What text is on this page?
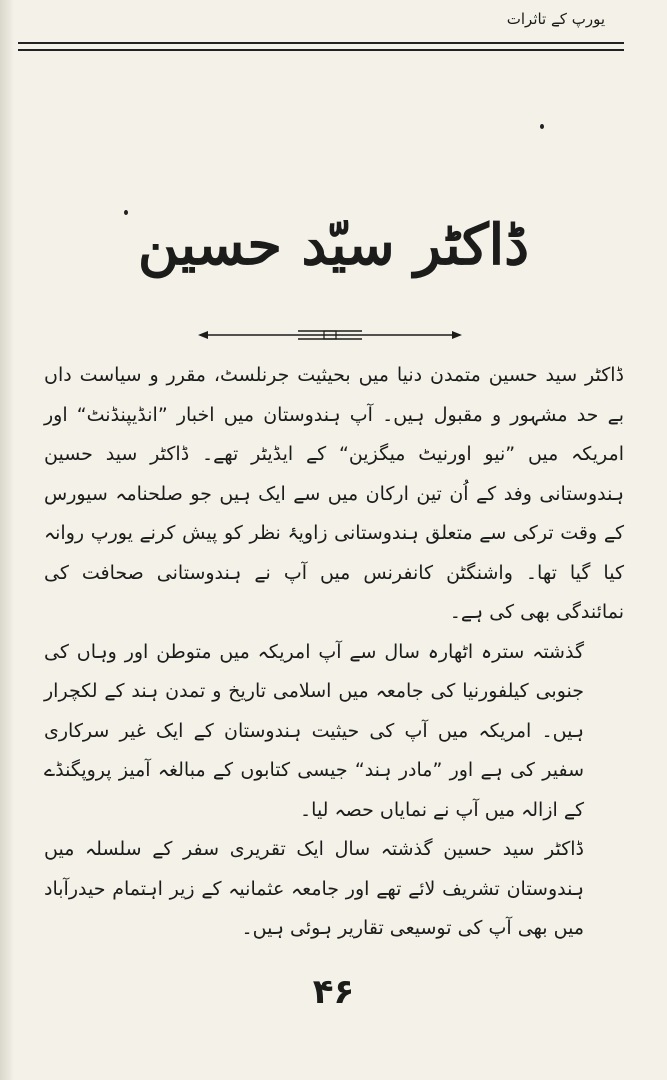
یورپ کے تاثرات
ڈاکٹر سیّد حسین

ڈاکٹر سید حسین متمدن دنیا میں بحیثیت جرنلسٹ، مقرر و سیاست داں بے حد مشہور و مقبول ہیں۔ آپ ہندوستان میں اخبار ”انڈیپنڈنٹ“ اور امریکہ میں ”نیو اورنیٹ میگزین“ کے ایڈیٹر تھے۔ ڈاکٹر سید حسین ہندوستانی وفد کے اُن تین ارکان میں سے ایک ہیں جو صلحنامہ سیورس کے وقت ترکی سے متعلق ہندوستانی زاویۂ نظر کو پیش کرنے یورپ روانہ کیا گیا تھا۔ واشنگٹن کانفرنس میں آپ نے ہندوستانی صحافت کی نمائندگی بھی کی ہے۔

گذشتہ سترہ اٹھارہ سال سے آپ امریکہ میں متوطن اور وہاں کی جنوبی کیلفورنیا کی جامعہ میں اسلامی تاریخ و تمدن ہند کے لکچرار ہیں۔ امریکہ میں آپ کی حیثیت ہندوستان کے ایک غیر سرکاری سفیر کی ہے اور ”مادر ہند“ جیسی کتابوں کے مبالغہ آمیز پروپگنڈے کے ازالہ میں آپ نے نمایاں حصہ لیا۔

ڈاکٹر سید حسین گذشتہ سال ایک تقریری سفر کے سلسلہ میں ہندوستان تشریف لائے تھے اور جامعہ عثمانیہ کے زیر اہتمام حیدرآباد میں بھی آپ کی توسیعی تقاریر ہوئی ہیں۔

۴۶
